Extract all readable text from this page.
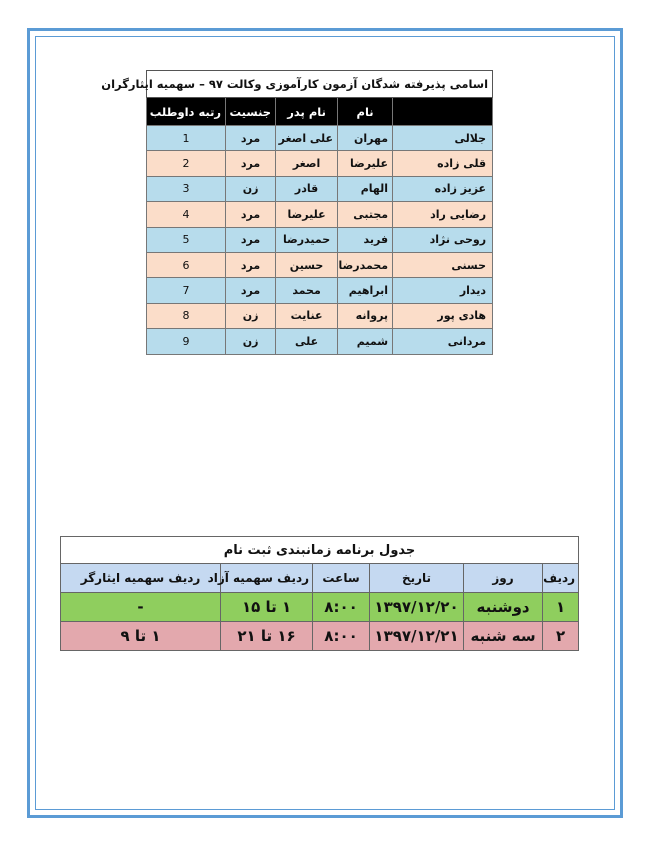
اسامی پذیرفته شدگان آزمون کارآموزی وکالت ۹۷ – سهمیه ایثارگران				
	نام	نام پدر	جنسیت	رتبه داوطلب
جلالی	مهران	علی اصغر	مرد	1
قلی زاده	علیرضا	اصغر	مرد	2
عزیز زاده	الهام	قادر	زن	3
رضایی راد	مجتبی	علیرضا	مرد	4
روحی نژاد	فرید	حمیدرضا	مرد	5
حسنی	محمدرضا	حسین	مرد	6
دیدار	ابراهیم	محمد	مرد	7
هادی پور	پروانه	عنایت	زن	8
مردانی	شمیم	علی	زن	9
جدول برنامه زمانبندی ثبت نام					
ردیف	روز	تاریخ	ساعت	ردیف سهمیه آزاد	ردیف سهمیه ایثارگر
۱	دوشنبه	۱۳۹۷/۱۲/۲۰	۸:۰۰	۱ تا ۱۵	-
۲	سه شنبه	۱۳۹۷/۱۲/۲۱	۸:۰۰	۱۶ تا ۲۱	۱ تا ۹
